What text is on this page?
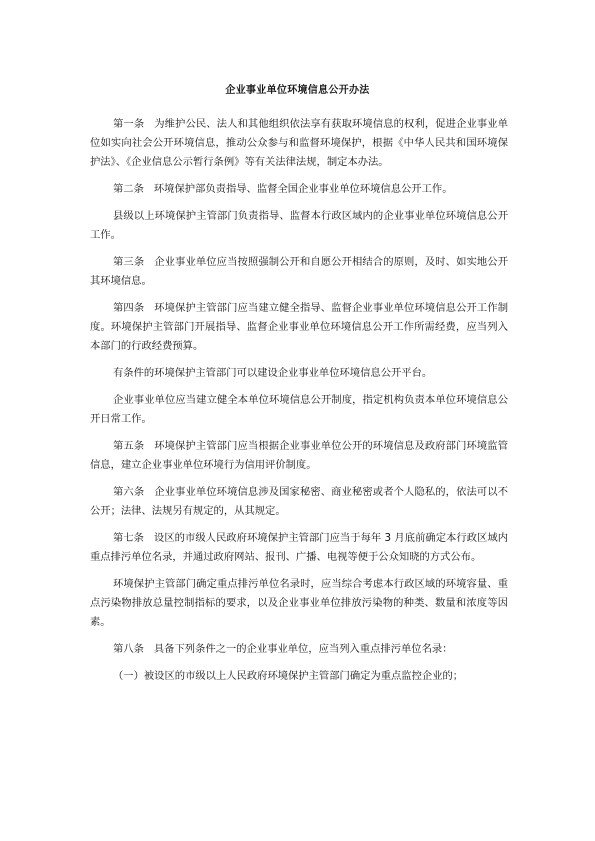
企业事业单位环境信息公开办法

第一条 为维护公民、法人和其他组织依法享有获取环境信息的权利，促进企业事业单位如实向社会公开环境信息，推动公众参与和监督环境保护，根据《中华人民共和国环境保护法》、《企业信息公示暂行条例》等有关法律法规，制定本办法。

第二条 环境保护部负责指导、监督全国企业事业单位环境信息公开工作。

县级以上环境保护主管部门负责指导、监督本行政区域内的企业事业单位环境信息公开工作。

第三条 企业事业单位应当按照强制公开和自愿公开相结合的原则，及时、如实地公开其环境信息。

第四条 环境保护主管部门应当建立健全指导、监督企业事业单位环境信息公开工作制度。环境保护主管部门开展指导、监督企业事业单位环境信息公开工作所需经费，应当列入本部门的行政经费预算。

有条件的环境保护主管部门可以建设企业事业单位环境信息公开平台。

企业事业单位应当建立健全本单位环境信息公开制度，指定机构负责本单位环境信息公开日常工作。

第五条 环境保护主管部门应当根据企业事业单位公开的环境信息及政府部门环境监管信息，建立企业事业单位环境行为信用评价制度。

第六条 企业事业单位环境信息涉及国家秘密、商业秘密或者个人隐私的，依法可以不公开；法律、法规另有规定的，从其规定。

第七条 设区的市级人民政府环境保护主管部门应当于每年 3 月底前确定本行政区域内重点排污单位名录，并通过政府网站、报刊、广播、电视等便于公众知晓的方式公布。

环境保护主管部门确定重点排污单位名录时，应当综合考虑本行政区域的环境容量、重点污染物排放总量控制指标的要求，以及企业事业单位排放污染物的种类、数量和浓度等因素。

第八条 具备下列条件之一的企业事业单位，应当列入重点排污单位名录：

（一）被设区的市级以上人民政府环境保护主管部门确定为重点监控企业的；
